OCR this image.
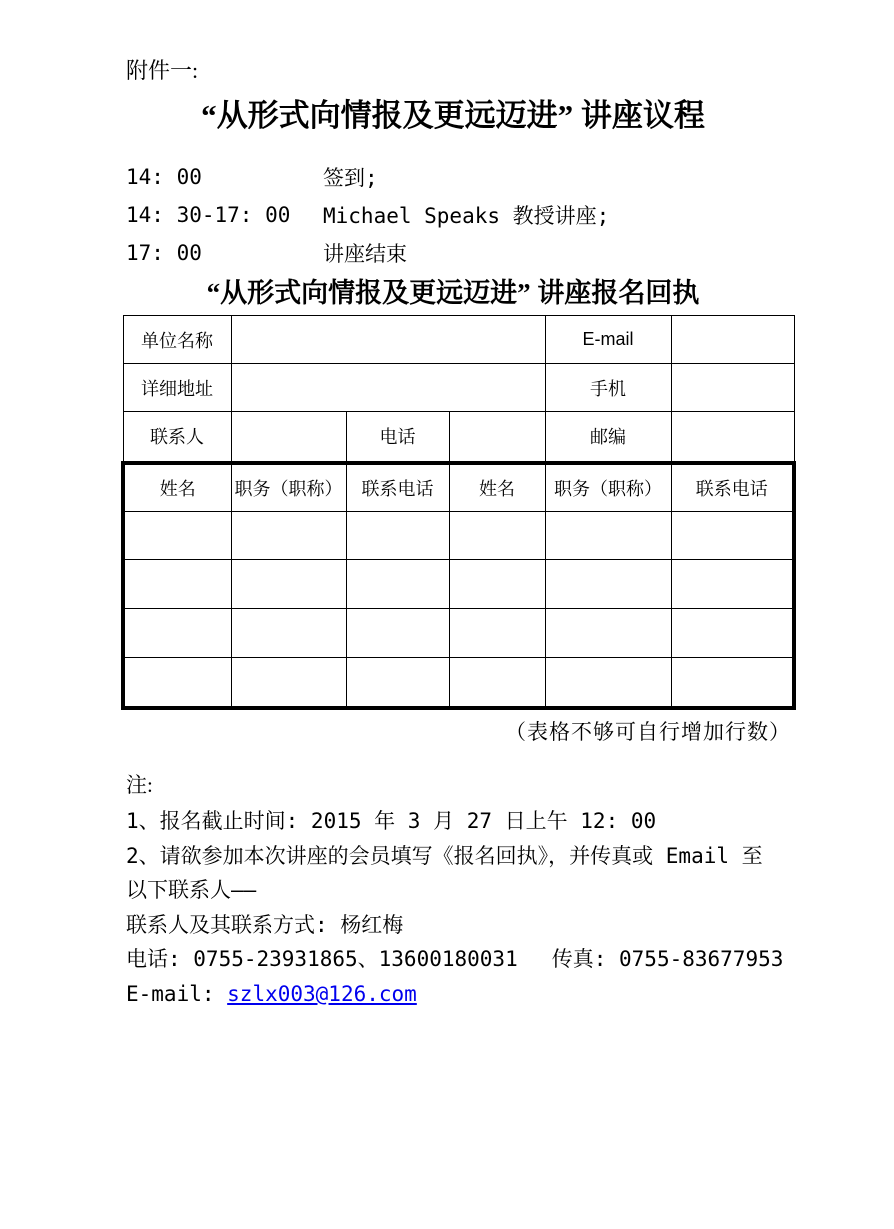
附件一:
“从形式向情报及更远迈进” 讲座议程
14: 00	签到;
14: 30-17: 00	Michael Speaks 教授讲座;
17: 00	讲座结束
“从形式向情报及更远迈进” 讲座报名回执
单位名称				E-mail	
详细地址				手机	
联系人		电话		邮编	
姓名	职务（职称）	联系电话	姓名	职务（职称）	联系电话

（表格不够可自行增加行数）
注:
1、报名截止时间: 2015 年 3 月 27 日上午 12: 00
2、请欲参加本次讲座的会员填写《报名回执》，并传真或 Email 至
以下联系人——
联系人及其联系方式: 杨红梅
电话: 0755-23931865、13600180031 传真: 0755-83677953
E-mail: szlx003@126.com
